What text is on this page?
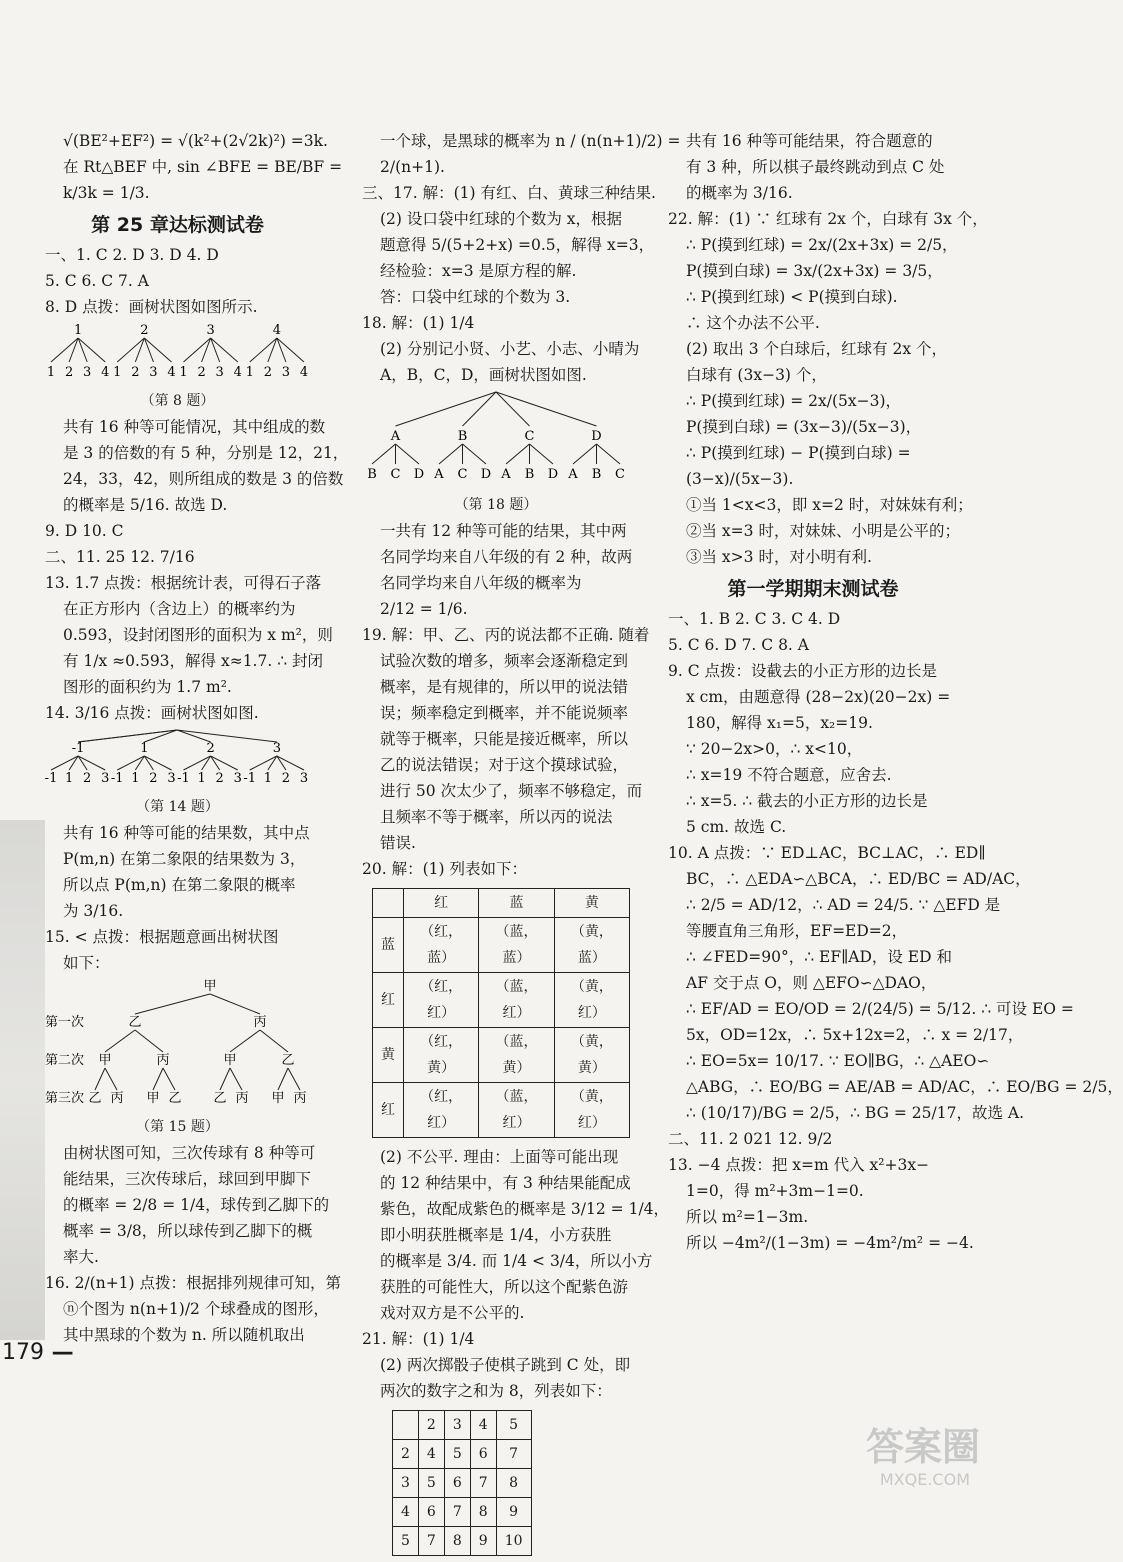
√(BE²+EF²) = √(k²+(2√2k)²) =3k.
在 Rt△BEF 中, sin ∠BFE = BE/BF =
k/3k = 1/3.
第 25 章达标测试卷
一、1. C 2. D 3. D 4. D
5. C 6. C 7. A
8. D 点拨：画树状图如图所示.
1
1 2 3 4
2
1 2 3 4
3
1 2 3 4
4
1 2 3 4
（第 8 题）
共有 16 种等可能情况，其中组成的数
是 3 的倍数的有 5 种，分别是 12，21，
24，33，42，则所组成的数是 3 的倍数
的概率是 5/16. 故选 D.
9. D 10. C
二、11. 25 12. 7/16
13. 1.7 点拨：根据统计表，可得石子落
在正方形内（含边上）的概率约为
0.593，设封闭图形的面积为 x m²，则
有 1/x ≈0.593，解得 x≈1.7. ∴ 封闭
图形的面积约为 1.7 m².
14. 3/16 点拨：画树状图如图.
-1
-1 1 2 3
1
-1 1 2 3
2
-1 1 2 3
3
-1 1 2 3
（第 14 题）
共有 16 种等可能的结果数，其中点
P(m,n) 在第二象限的结果数为 3，
所以点 P(m,n) 在第二象限的概率
为 3/16.
15. < 点拨：根据题意画出树状图
如下：
甲
第一次
第二次
第三次
乙	丙
甲	丙	甲	乙
乙 丙 甲 乙 乙 丙 甲 丙
（第 15 题）
由树状图可知，三次传球有 8 种等可
能结果，三次传球后，球回到甲脚下
的概率 = 2/8 = 1/4，球传到乙脚下的
概率 = 3/8，所以球传到乙脚下的概
率大.
16. 2/(n+1) 点拨：根据排列规律可知，第
ⓝ个图为 n(n+1)/2 个球叠成的图形，
其中黑球的个数为 n. 所以随机取出
一个球，是黑球的概率为 n / (n(n+1)/2) =
2/(n+1).
三、17. 解：(1) 有红、白、黄球三种结果.
(2) 设口袋中红球的个数为 x，根据
题意得 5/(5+2+x) =0.5，解得 x=3，
经检验：x=3 是原方程的解.
答：口袋中红球的个数为 3.
18. 解：(1) 1/4
(2) 分别记小贤、小艺、小志、小晴为
A，B，C，D，画树状图如图.
A
B C D
B
A C D
C
A B D
D
A B C
（第 18 题）
一共有 12 种等可能的结果，其中两
名同学均来自八年级的有 2 种，故两
名同学均来自八年级的概率为
2/12 = 1/6.
19. 解：甲、乙、丙的说法都不正确. 随着
试验次数的增多，频率会逐渐稳定到
概率，是有规律的，所以甲的说法错
误；频率稳定到概率，并不能说频率
就等于概率，只能是接近概率，所以
乙的说法错误；对于这个摸球试验，
进行 50 次太少了，频率不够稳定，而
且频率不等于概率，所以丙的说法
错误.
20. 解：(1) 列表如下：
	红	蓝	黄
蓝	（红，蓝）	（蓝，蓝）	（黄，蓝）
红	（红，红）	（蓝，红）	（黄，红）
黄	（红，黄）	（蓝，黄）	（黄，黄）
红	（红，红）	（蓝，红）	（黄，红）
(2) 不公平. 理由：上面等可能出现
的 12 种结果中，有 3 种结果能配成
紫色，故配成紫色的概率是 3/12 = 1/4，
即小明获胜概率是 1/4，小方获胜
的概率是 3/4. 而 1/4 < 3/4，所以小方
获胜的可能性大，所以这个配紫色游
戏对双方是不公平的.
21. 解：(1) 1/4
(2) 两次掷骰子使棋子跳到 C 处，即
两次的数字之和为 8，列表如下：
	2	3	4	5
2	4	5	6	7
3	5	6	7	8
4	6	7	8	9
5	7	8	9	10
共有 16 种等可能结果，符合题意的
有 3 种，所以棋子最终跳动到点 C 处
的概率为 3/16.
22. 解：(1) ∵ 红球有 2x 个，白球有 3x 个，
∴ P(摸到红球) = 2x/(2x+3x) = 2/5，
P(摸到白球) = 3x/(2x+3x) = 3/5，
∴ P(摸到红球) < P(摸到白球).
∴ 这个办法不公平.
(2) 取出 3 个白球后，红球有 2x 个，
白球有 (3x−3) 个，
∴ P(摸到红球) = 2x/(5x−3)，
P(摸到白球) = (3x−3)/(5x−3)，
∴ P(摸到红球) − P(摸到白球) =
(3−x)/(5x−3).
①当 1<x<3，即 x=2 时，对妹妹有利；
②当 x=3 时，对妹妹、小明是公平的；
③当 x>3 时，对小明有利.
第一学期期末测试卷
一、1. B 2. C 3. C 4. D
5. C 6. D 7. C 8. A
9. C 点拨：设截去的小正方形的边长是
x cm，由题意得 (28−2x)(20−2x) =
180，解得 x₁=5，x₂=19.
∵ 20−2x>0，∴ x<10，
∴ x=19 不符合题意，应舍去.
∴ x=5. ∴ 截去的小正方形的边长是
5 cm. 故选 C.
10. A 点拨：∵ ED⊥AC，BC⊥AC，∴ ED∥
BC，∴ △EDA∽△BCA，∴ ED/BC = AD/AC，
∴ 2/5 = AD/12，∴ AD = 24/5. ∵ △EFD 是
等腰直角三角形，EF=ED=2，
∴ ∠FED=90°，∴ EF∥AD，设 ED 和
AF 交于点 O，则 △EFO∽△DAO，
∴ EF/AD = EO/OD = 2/(24/5) = 5/12. ∴ 可设 EO =
5x，OD=12x，∴ 5x+12x=2，∴ x = 2/17，
∴ EO=5x= 10/17. ∵ EO∥BG，∴ △AEO∽
△ABG，∴ EO/BG = AE/AB = AD/AC，∴ EO/BG = 2/5，
∴ (10/17)/BG = 2/5，∴ BG = 25/17，故选 A.
二、11. 2 021 12. 9/2
13. −4 点拨：把 x=m 代入 x²+3x−
1=0，得 m²+3m−1=0.
所以 m²=1−3m.
所以 −4m²/(1−3m) = −4m²/m² = −4.
179 —
答案圈
MXQE.COM
